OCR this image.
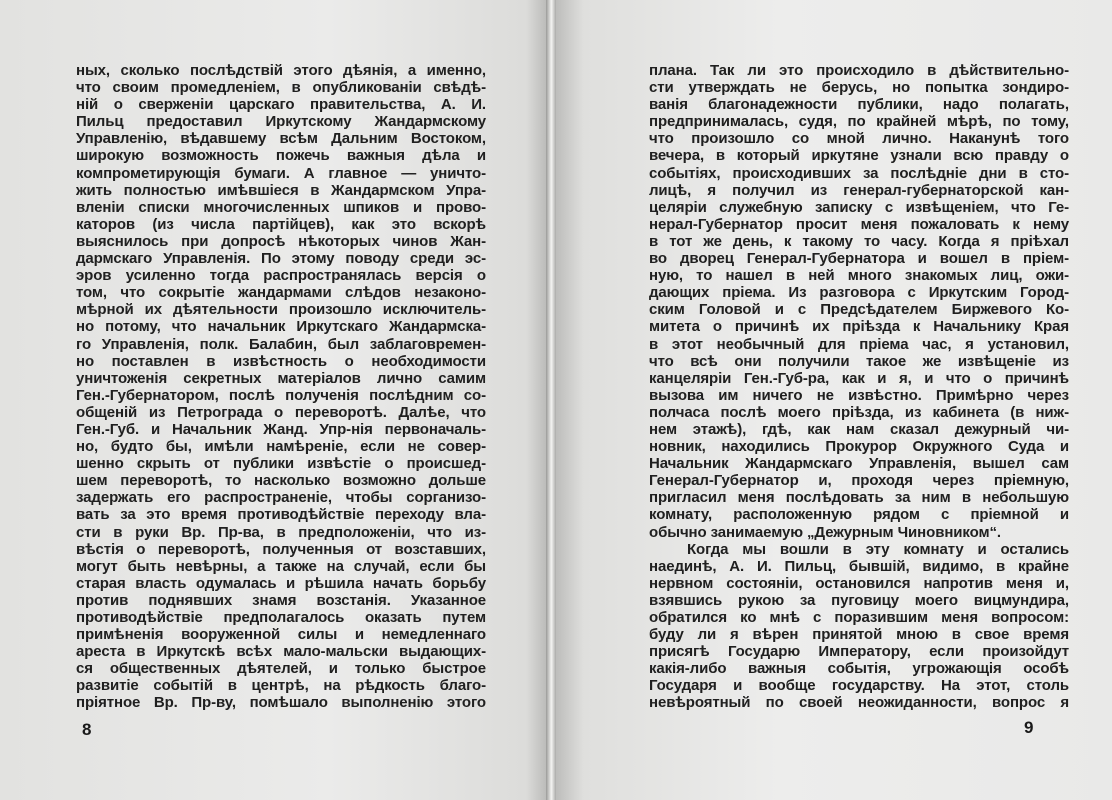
ных, сколько послѣдствій этого дѣянія, а именно,
что своим промедленіем, в опубликованіи свѣдѣ-
ній о сверженіи царскаго правительства, А. И.
Пильц предоставил Иркутскому Жандармскому
Управленію, вѣдавшему всѣм Дальним Востоком,
широкую возможность пожечь важныя дѣла и
компрометирующія бумаги. А главное — уничто-
жить полностью имѣвшіеся в Жандармском Упра-
вленіи списки многочисленных шпиков и прово-
каторов (из числа партійцев), как это вскорѣ
выяснилось при допросѣ нѣкоторых чинов Жан-
дармскаго Управленія. По этому поводу среди эс-
эров усиленно тогда распространялась версія о
том, что сокрытіе жандармами слѣдов незаконо-
мѣрной их дѣятельности произошло исключитель-
но потому, что начальник Иркутскаго Жандармска-
го Управленія, полк. Балабин, был заблаговремен-
но поставлен в извѣстность о необходимости
уничтоженія секретных матеріалов лично самим
Ген.-Губернатором, послѣ полученія послѣдним со-
общеній из Петрограда о переворотѣ. Далѣе, что
Ген.-Губ. и Начальник Жанд. Упр-нія первоначаль-
но, будто бы, имѣли намѣреніе, если не совер-
шенно скрыть от публики извѣстіе о происшед-
шем переворотѣ, то насколько возможно дольше
задержать его распространеніе, чтобы сорганизо-
вать за это время противодѣйствіе переходу вла-
сти в руки Вр. Пр-ва, в предположеніи, что из-
вѣстія о переворотѣ, полученныя от возставших,
могут быть невѣрны, а также на случай, если бы
старая власть одумалась и рѣшила начать борьбу
против поднявших знамя возстанія. Указанное
противодѣйствіе предполагалось оказать путем
примѣненія вооруженной силы и немедленнаго
ареста в Иркутскѣ всѣх мало-мальски выдающих-
ся общественных дѣятелей, и только быстрое
развитіе событій в центрѣ, на рѣдкость благо-
пріятное Вр. Пр-ву, помѣшало выполненію этого
8
плана. Так ли это происходило в дѣйствительно-
сти утверждать не берусь, но попытка зондиро-
ванія благонадежности публики, надо полагать,
предпринималась, судя, по крайней мѣрѣ, по тому,
что произошло со мной лично. Наканунѣ того
вечера, в который иркутяне узнали всю правду о
событіях, происходивших за послѣдніе дни в сто-
лицѣ, я получил из генерал-губернаторской кан-
целяріи служебную записку с извѣщеніем, что Ге-
нерал-Губернатор просит меня пожаловать к нему
в тот же день, к такому то часу. Когда я пріѣхал
во дворец Генерал-Губернатора и вошел в пріем-
ную, то нашел в ней много знакомых лиц, ожи-
дающих пріема. Из разговора с Иркутским Город-
ским Головой и с Предсѣдателем Биржевого Ко-
митета о причинѣ их пріѣзда к Начальнику Края
в этот необычный для пріема час, я установил,
что всѣ они получили такое же извѣщеніе из
канцеляріи Ген.-Губ-ра, как и я, и что о причинѣ
вызова им ничего не извѣстно. Примѣрно через
полчаса послѣ моего пріѣзда, из кабинета (в ниж-
нем этажѣ), гдѣ, как нам сказал дежурный чи-
новник, находились Прокурор Окружного Суда и
Начальник Жандармскаго Управленія, вышел сам
Генерал-Губернатор и, проходя через пріемную,
пригласил меня послѣдовать за ним в небольшую
комнату, расположенную рядом с пріемной и
обычно занимаемую „Дежурным Чиновником“.
Когда мы вошли в эту комнату и остались
наединѣ, А. И. Пильц, бывшій, видимо, в крайне
нервном состояніи, остановился напротив меня и,
взявшись рукою за пуговицу моего вицмундира,
обратился ко мнѣ с поразившим меня вопросом:
буду ли я вѣрен принятой мною в свое время
присягѣ Государю Императору, если произойдут
какія-либо важныя событія, угрожающія особѣ
Государя и вообще государству. На этот, столь
невѣроятный по своей неожиданности, вопрос я
9
